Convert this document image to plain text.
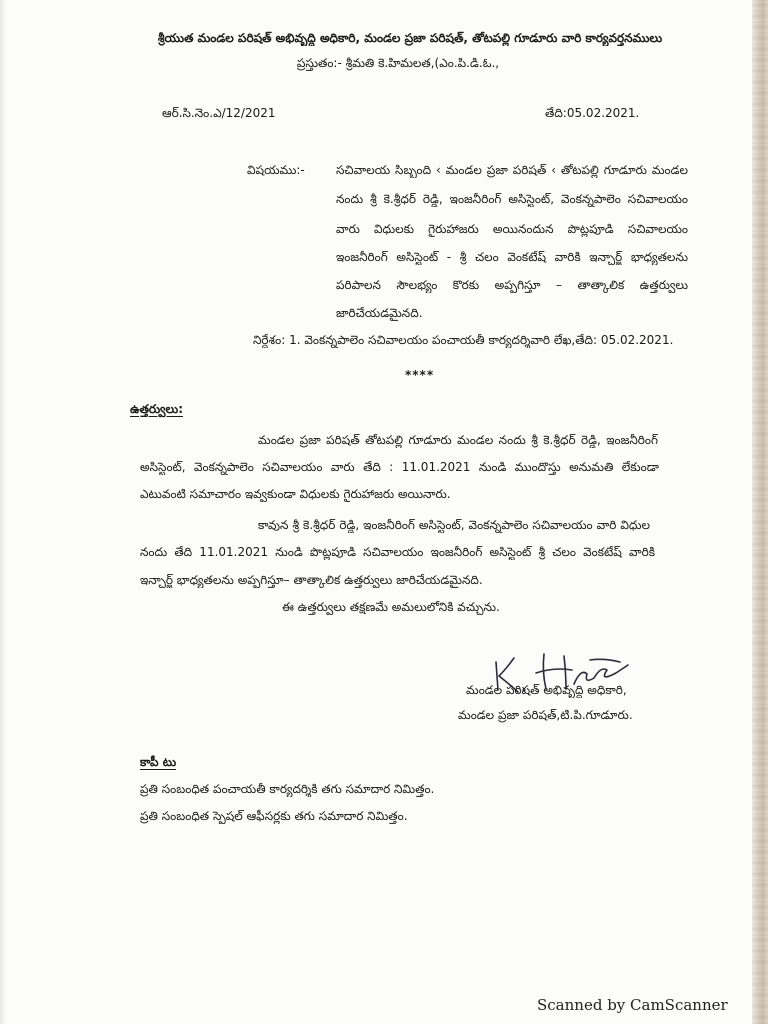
శ్రీయుత మండల పరిషత్ అభివృద్ధి అధికారి, మండల ప్రజా పరిషత్, తోటపల్లి గూడూరు వారి కార్యవర్తనములు
ప్రస్తుతం:- శ్రీమతి కె.హిమలత,(ఎం.పి.డి.ఓ.,
ఆర్.సి.నెం.ఎ/12/2021	తేది:05.02.2021.
విషయము:-	సచివాలయ సిబ్బంది ‹ మండల ప్రజా పరిషత్ ‹ తోటపల్లి గూడూరు మండల
నందు శ్రీ కె.శ్రీధర్ రెడ్డి, ఇంజనీరింగ్ అసిస్టెంట్, వెంకన్నపాలెం సచివాలయం
వారు విధులకు గైరుహాజరు అయినందున పొట్లపూడి సచివాలయం
ఇంజనీరింగ్ అసిస్టెంట్ - శ్రీ చలం వెంకటేష్ వారికి ఇన్చార్జ్ భాధ్యతలను
పరిపాలన సౌలభ్యం కొరకు అప్పగిస్తూ – తాత్కాలిక ఉత్తర్వులు
జారిచేయడమైనది.
నిర్దేశం: 1. వెంకన్నపాలెం సచివాలయం పంచాయతీ కార్యదర్శివారి లేఖ,తేది: 05.02.2021.
****
ఉత్తర్వులు:
మండల ప్రజా పరిషత్ తోటపల్లి గూడూరు మండల నందు శ్రీ కె.శ్రీధర్ రెడ్డి, ఇంజనీరింగ్
అసిస్టెంట్, వెంకన్నపాలెం సచివాలయం వారు తేది : 11.01.2021 నుండి ముందొస్తు అనుమతి లేకుండా
ఎటువంటి సమాచారం ఇవ్వకుండా విధులకు గైరుహాజరు అయినారు.
కావున శ్రీ కె.శ్రీధర్ రెడ్డి, ఇంజనీరింగ్ అసిస్టెంట్, వెంకన్నపాలెం సచివాలయం వారి విధుల
నందు తేది 11.01.2021 నుండి పొట్లపూడి సచివాలయం ఇంజనీరింగ్ అసిస్టెంట్ శ్రీ చలం వెంకటేష్ వారికి
ఇన్చార్జ్ భాధ్యతలను అప్పగిస్తూ– తాత్కాలిక ఉత్తర్వులు జారిచేయడమైనది.
ఈ ఉత్తర్వులు తక్షణమే అమలులోనికి వచ్చును.
మండల పరిషత్ అభివృద్ధి అధికారి,
మండల ప్రజా పరిషత్,టి.పి.గూడూరు.
కాపీ టు
ప్రతి సంబంధిత పంచాయతీ కార్యదర్శికి తగు సమాదార నిమిత్తం.
ప్రతి సంబంధిత స్పెషల్ ఆఫీసర్లకు తగు సమాదార నిమిత్తం.
Scanned by CamScanner
